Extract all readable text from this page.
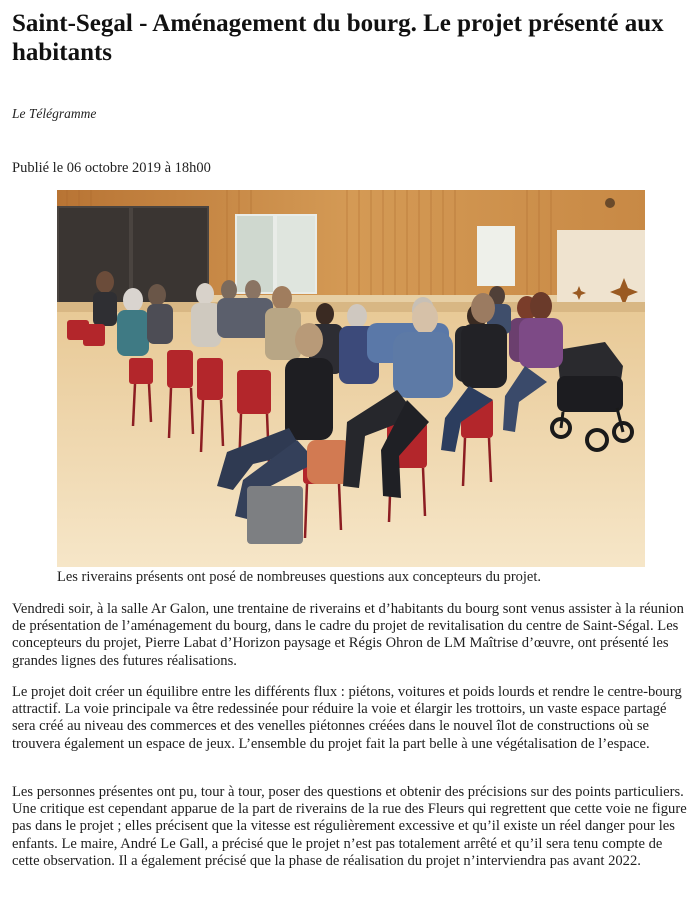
Saint-Segal - Aménagement du bourg. Le projet présenté aux habitants
Le Télégramme
Publié le 06 octobre 2019 à 18h00
Les riverains présents ont posé de nombreuses questions aux concepteurs du projet.

Vendredi soir, à la salle Ar Galon, une trentaine de riverains et d’habitants du bourg sont venus assister à la réunion de présentation de l’aménagement du bourg, dans le cadre du projet de revitalisation du centre de Saint-Ségal. Les concepteurs du projet, Pierre Labat d’Horizon paysage et Régis Ohron de LM Maîtrise d’œuvre, ont présenté les grandes lignes des futures réalisations.

Le projet doit créer un équilibre entre les différents flux : piétons, voitures et poids lourds et rendre le centre-bourg attractif. La voie principale va être redessinée pour réduire la voie et élargir les trottoirs, un vaste espace partagé sera créé au niveau des commerces et des venelles piétonnes créées dans le nouvel îlot de constructions où se trouvera également un espace de jeux. L’ensemble du projet fait la part belle à une végétalisation de l’espace.

Les personnes présentes ont pu, tour à tour, poser des questions et obtenir des précisions sur des points particuliers. Une critique est cependant apparue de la part de riverains de la rue des Fleurs qui regrettent que cette voie ne figure pas dans le projet ; elles précisent que la vitesse est régulièrement excessive et qu’il existe un réel danger pour les enfants. Le maire, André Le Gall, a précisé que le projet n’est pas totalement arrêté et qu’il sera tenu compte de cette observation. Il a également précisé que la phase de réalisation du projet n’interviendra pas avant 2022.
